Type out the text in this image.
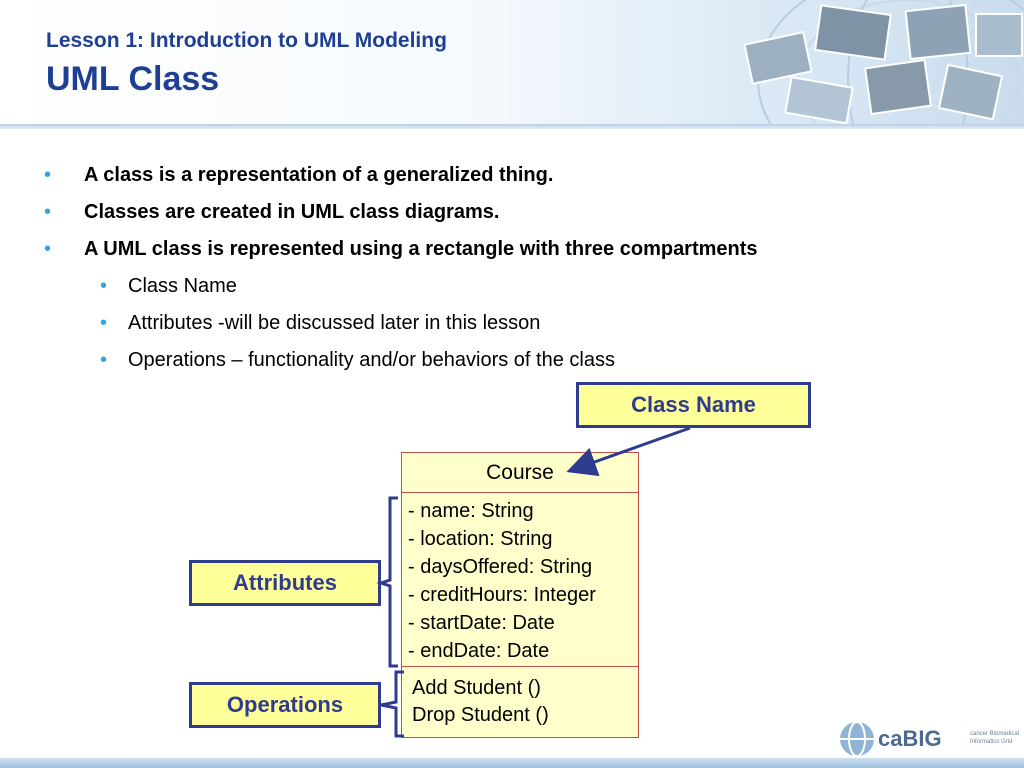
Lesson 1: Introduction to UML Modeling
UML Class
• A class is a representation of a generalized thing.
• Classes are created in UML class diagrams.
• A UML class is represented using a rectangle with three compartments
• Class Name
• Attributes -will be discussed later in this lesson
• Operations – functionality and/or behaviors of the class
Class Name
Attributes
Operations
Course
- name: String
- location: String
- daysOffered: String
- creditHours: Integer
- startDate: Date
- endDate: Date
Add Student ()
Drop Student ()
caBIG	cancer Biomedical Informatics Grid
